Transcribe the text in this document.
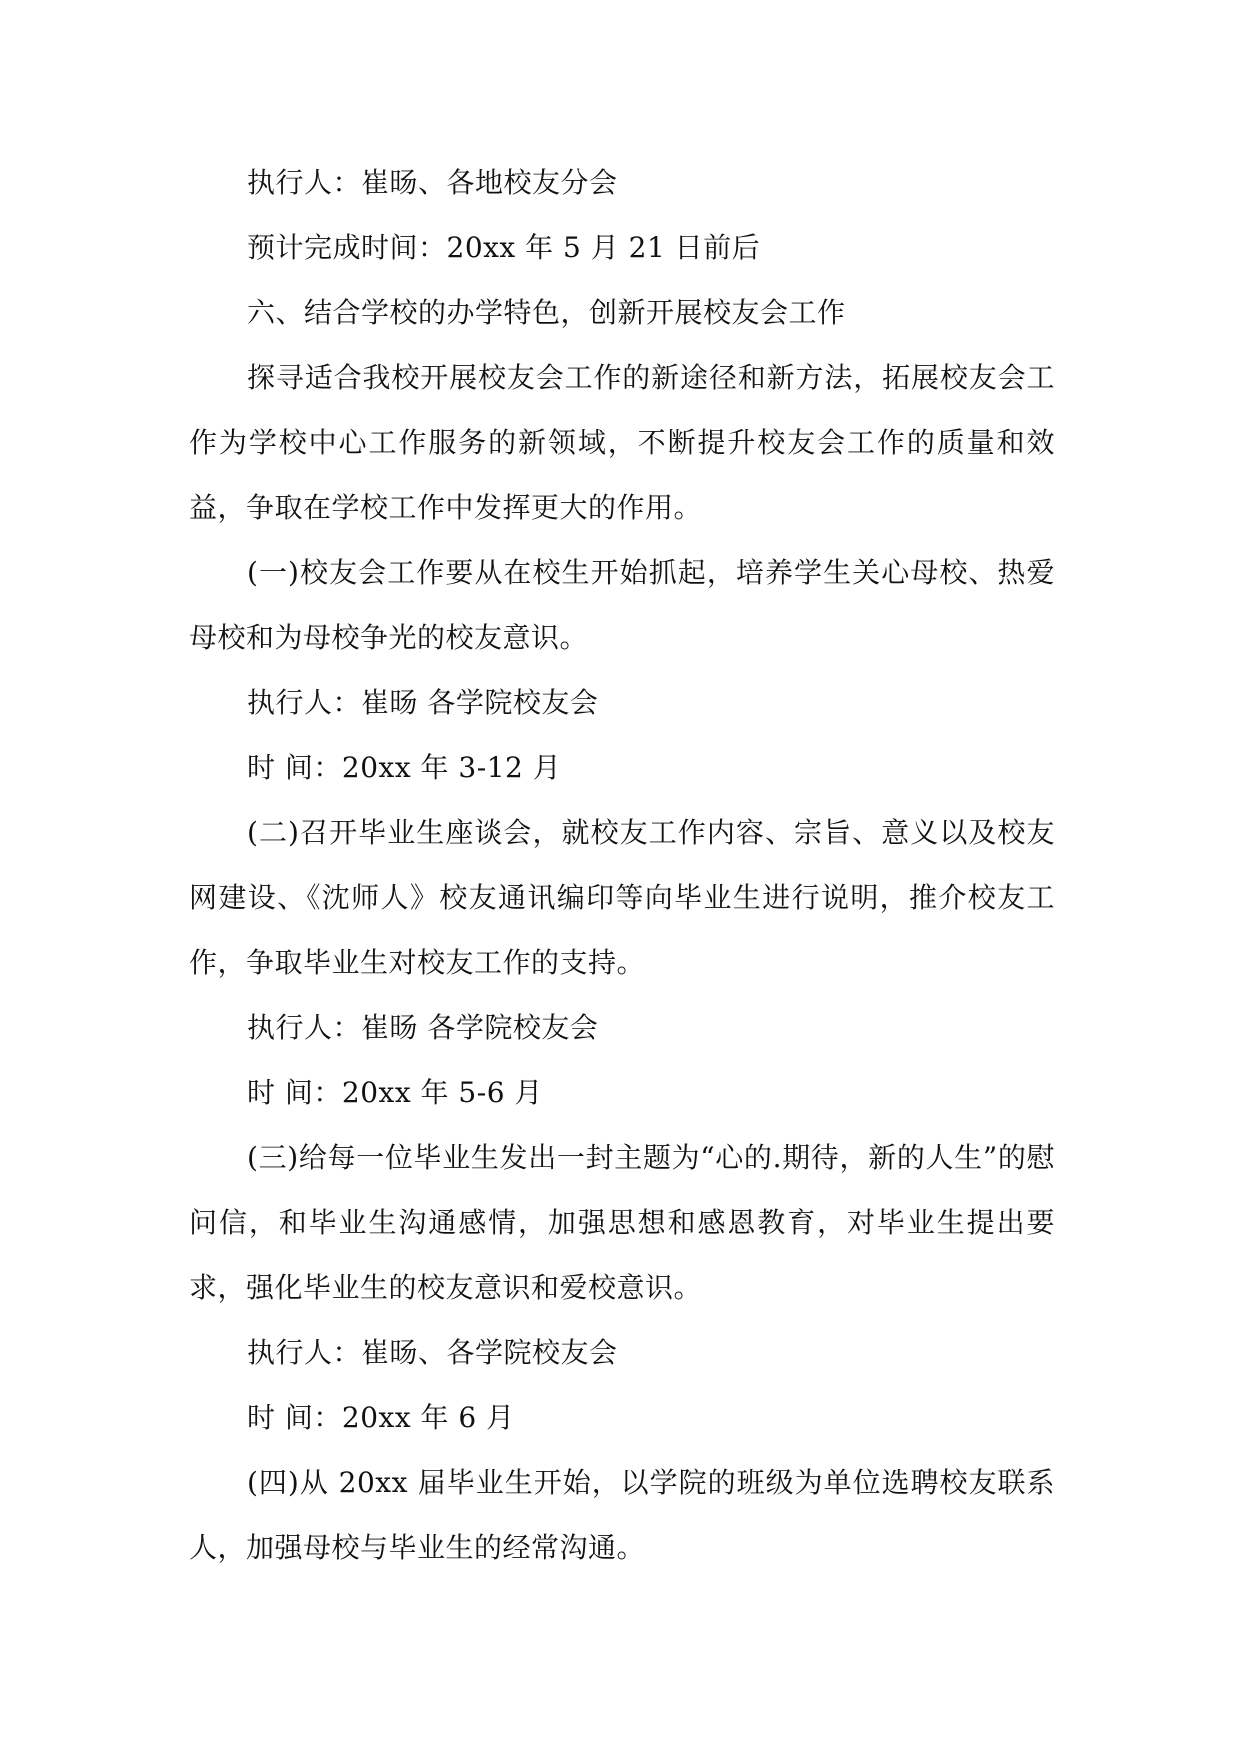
执行人：崔旸、各地校友分会

预计完成时间：20xx 年 5 月 21 日前后

六、结合学校的办学特色，创新开展校友会工作

探寻适合我校开展校友会工作的新途径和新方法，拓展校友会工作为学校中心工作服务的新领域，不断提升校友会工作的质量和效益，争取在学校工作中发挥更大的作用。

(一)校友会工作要从在校生开始抓起，培养学生关心母校、热爱母校和为母校争光的校友意识。

执行人：崔旸 各学院校友会

时 间：20xx 年 3-12 月

(二)召开毕业生座谈会，就校友工作内容、宗旨、意义以及校友网建设、《沈师人》校友通讯编印等向毕业生进行说明，推介校友工作，争取毕业生对校友工作的支持。

执行人：崔旸 各学院校友会

时 间：20xx 年 5-6 月

(三)给每一位毕业生发出一封主题为“心的.期待，新的人生”的慰问信，和毕业生沟通感情，加强思想和感恩教育，对毕业生提出要求，强化毕业生的校友意识和爱校意识。

执行人：崔旸、各学院校友会

时 间：20xx 年 6 月

(四)从 20xx 届毕业生开始，以学院的班级为单位选聘校友联系人，加强母校与毕业生的经常沟通。
